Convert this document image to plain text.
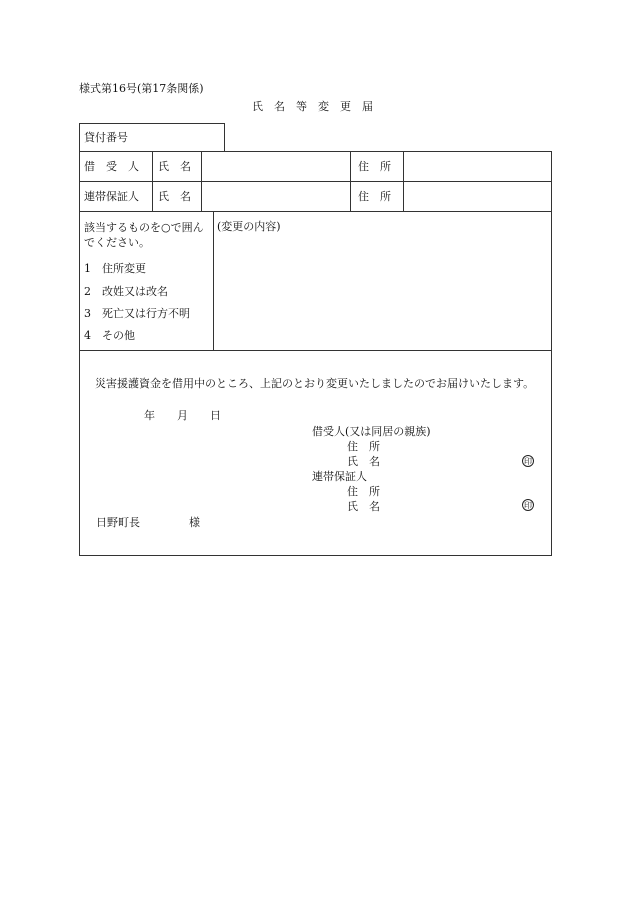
様式第16号(第17条関係)
氏　名　等　変　更　届
貸付番号
借　受　人 氏　名	住　所
連帯保証人 氏　名	住　所
該当するものを○で囲んでください。
1　住所変更
2　改姓又は改名
3　死亡又は行方不明
4　その他
(変更の内容)
災害援護資金を借用中のところ、上記のとおり変更いたしましたのでお届けいたします。
年　　月　　日
借受人(又は同居の親族)
住　所
氏　名	印
連帯保証人
住　所
氏　名	印
日野町長	様
